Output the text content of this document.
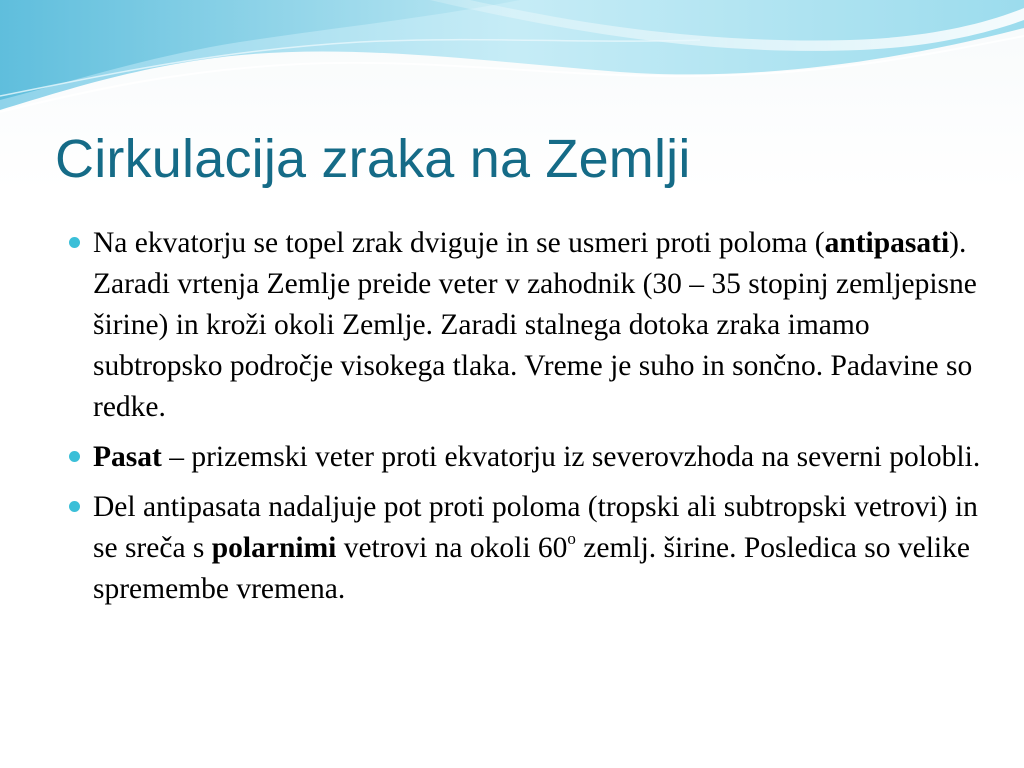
Cirkulacija zraka na Zemlji
Na ekvatorju se topel zrak dviguje in se usmeri proti poloma (antipasati). Zaradi vrtenja Zemlje preide veter v zahodnik (30 – 35 stopinj zemljepisne širine) in kroži okoli Zemlje. Zaradi stalnega dotoka zraka imamo subtropsko področje visokega tlaka. Vreme je suho in sončno. Padavine so redke.
Pasat – prizemski veter proti ekvatorju iz severovzhoda na severni polobli.
Del antipasata nadaljuje pot proti poloma (tropski ali subtropski vetrovi) in se sreča s polarnimi vetrovi na okoli 60$^o$ zemlj. širine. Posledica so velike spremembe vremena.
